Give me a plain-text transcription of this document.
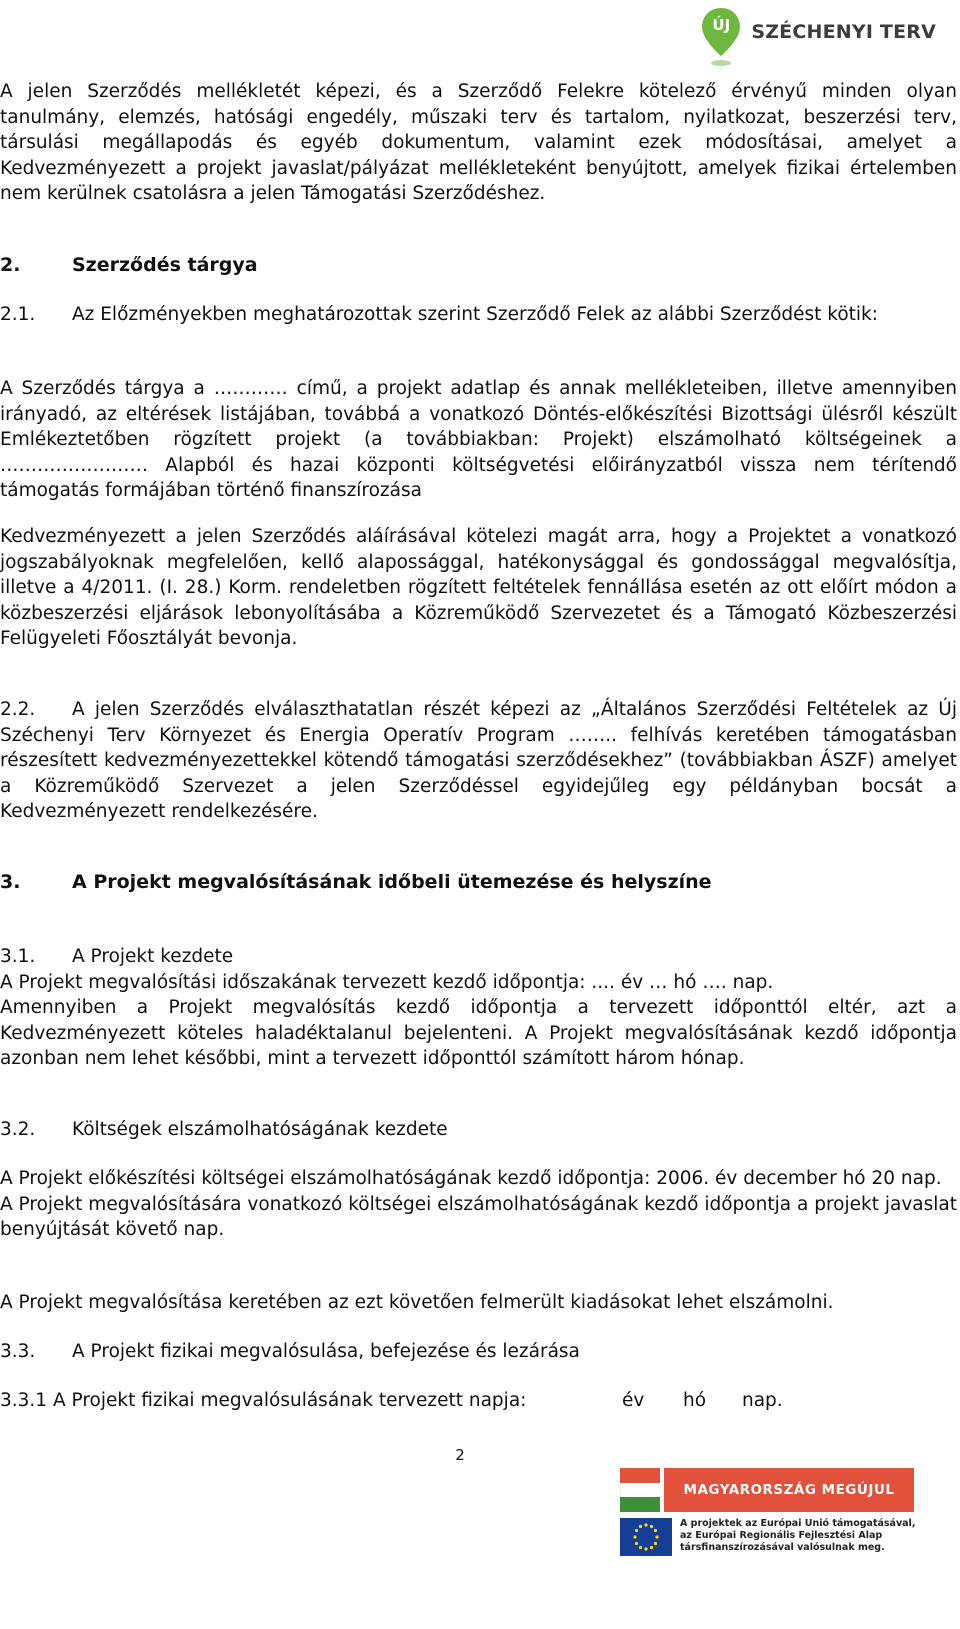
ÚJ	SZÉCHENYI TERV

A jelen Szerződés mellékletét képezi, és a Szerződő Felekre kötelező érvényű minden olyan tanulmány, elemzés, hatósági engedély, műszaki terv és tartalom, nyilatkozat, beszerzési terv, társulási megállapodás és egyéb dokumentum, valamint ezek módosításai, amelyet a Kedvezményezett a projekt javaslat/pályázat mellékleteként benyújtott, amelyek fizikai értelemben nem kerülnek csatolásra a jelen Támogatási Szerződéshez.

2.	Szerződés tárgya

2.1. Az Előzményekben meghatározottak szerint Szerződő Felek az alábbi Szerződést kötik:

A Szerződés tárgya a ………… című, a projekt adatlap és annak mellékleteiben, illetve amennyiben irányadó, az eltérések listájában, továbbá a vonatkozó Döntés-előkészítési Bizottsági ülésről készült Emlékeztetőben rögzített projekt (a továbbiakban: Projekt) elszámolható költségeinek a …………………… Alapból és hazai központi költségvetési előirányzatból vissza nem térítendő támogatás formájában történő finanszírozása

Kedvezményezett a jelen Szerződés aláírásával kötelezi magát arra, hogy a Projektet a vonatkozó jogszabályoknak megfelelően, kellő alapossággal, hatékonysággal és gondossággal megvalósítja, illetve a 4/2011. (I. 28.) Korm. rendeletben rögzített feltételek fennállása esetén az ott előírt módon a közbeszerzési eljárások lebonyolításába a Közreműködő Szervezetet és a Támogató Közbeszerzési Felügyeleti Főosztályát bevonja.

2.2. A jelen Szerződés elválaszthatatlan részét képezi az „Általános Szerződési Feltételek az Új Széchenyi Terv Környezet és Energia Operatív Program …….. felhívás keretében támogatásban részesített kedvezményezettekkel kötendő támogatási szerződésekhez” (továbbiakban ÁSZF) amelyet a Közreműködő Szervezet a jelen Szerződéssel egyidejűleg egy példányban bocsát a Kedvezményezett rendelkezésére.

3.	A Projekt megvalósításának időbeli ütemezése és helyszíne
3.1.	A Projekt kezdete

A Projekt megvalósítási időszakának tervezett kezdő időpontja: .... év … hó …. nap.

Amennyiben a Projekt megvalósítás kezdő időpontja a tervezett időponttól eltér, azt a Kedvezményezett köteles haladéktalanul bejelenteni. A Projekt megvalósításának kezdő időpontja azonban nem lehet későbbi, mint a tervezett időponttól számított három hónap.

3.2.	Költségek elszámolhatóságának kezdete

A Projekt előkészítési költségei elszámolhatóságának kezdő időpontja: 2006. év december hó 20 nap.

A Projekt megvalósítására vonatkozó költségei elszámolhatóságának kezdő időpontja a projekt javaslat benyújtását követő nap.

A Projekt megvalósítása keretében az ezt követően felmerült kiadásokat lehet elszámolni.

3.3.	A Projekt fizikai megvalósulása, befejezése és lezárása
3.3.1 A Projekt fizikai megvalósulásának tervezett napja:	év hó nap.
2
MAGYARORSZÁG MEGÚJUL
A projektek az Európai Unió támogatásával, az Európai Regionális Fejlesztési Alap társfinanszírozásával valósulnak meg.
